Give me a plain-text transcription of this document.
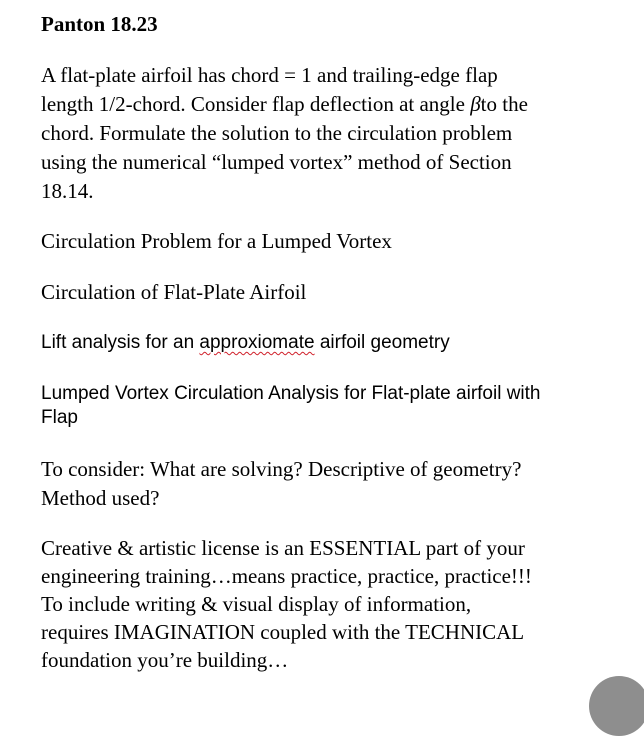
Panton 18.23

A flat-plate airfoil has chord = 1 and trailing-edge flap
length 1/2-chord. Consider flap deflection at angle βto the
chord. Formulate the solution to the circulation problem
using the numerical “lumped vortex” method of Section
18.14.

Circulation Problem for a Lumped Vortex
Circulation of Flat-Plate Airfoil
Lift analysis for an approxiomate airfoil geometry

Lumped Vortex Circulation Analysis for Flat-plate airfoil with
Flap

To consider: What are solving? Descriptive of geometry?
Method used?

Creative & artistic license is an ESSENTIAL part of your
engineering training…means practice, practice, practice!!!
To include writing & visual display of information,
requires IMAGINATION coupled with the TECHNICAL
foundation you’re building…
